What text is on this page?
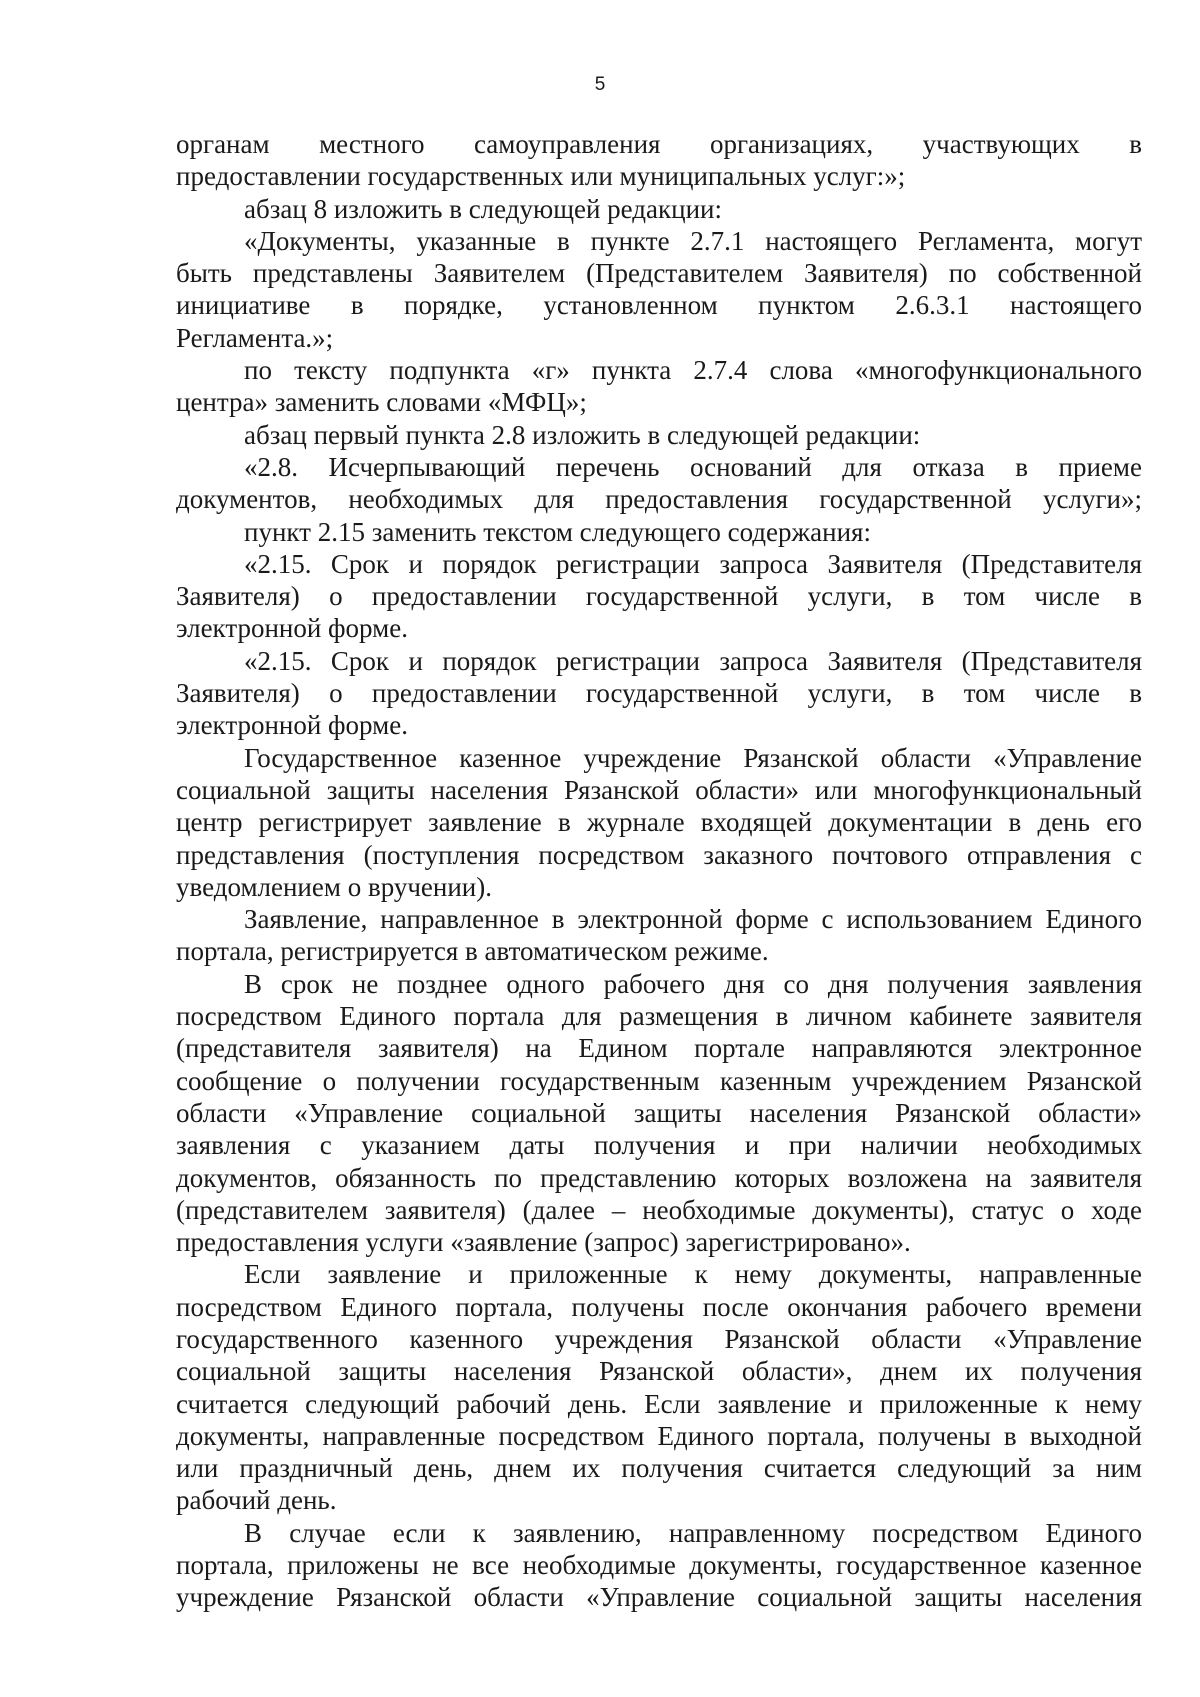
5
органам местного самоуправления организациях, участвующих в
предоставлении государственных или муниципальных услуг:»;
абзац 8 изложить в следующей редакции:
«Документы, указанные в пункте 2.7.1 настоящего Регламента, могут
быть представлены Заявителем (Представителем Заявителя) по собственной
инициативе в порядке, установленном пунктом 2.6.3.1 настоящего
Регламента.»;
по тексту подпункта «г» пункта 2.7.4 слова «многофункционального
центра» заменить словами «МФЦ»;
абзац первый пункта 2.8 изложить в следующей редакции:
«2.8. Исчерпывающий перечень оснований для отказа в приеме
документов, необходимых для предоставления государственной услуги»;
пункт 2.15 заменить текстом следующего содержания:
«2.15. Срок и порядок регистрации запроса Заявителя (Представителя
Заявителя) о предоставлении государственной услуги, в том числе в
электронной форме.
«2.15. Срок и порядок регистрации запроса Заявителя (Представителя
Заявителя) о предоставлении государственной услуги, в том числе в
электронной форме.
Государственное казенное учреждение Рязанской области «Управление
социальной защиты населения Рязанской области» или многофункциональный
центр регистрирует заявление в журнале входящей документации в день его
представления (поступления посредством заказного почтового отправления с
уведомлением о вручении).
Заявление, направленное в электронной форме с использованием Единого
портала, регистрируется в автоматическом режиме.
В срок не позднее одного рабочего дня со дня получения заявления
посредством Единого портала для размещения в личном кабинете заявителя
(представителя заявителя) на Едином портале направляются электронное
сообщение о получении государственным казенным учреждением Рязанской
области «Управление социальной защиты населения Рязанской области»
заявления с указанием даты получения и при наличии необходимых
документов, обязанность по представлению которых возложена на заявителя
(представителем заявителя) (далее – необходимые документы), статус о ходе
предоставления услуги «заявление (запрос) зарегистрировано».
Если заявление и приложенные к нему документы, направленные
посредством Единого портала, получены после окончания рабочего времени
государственного казенного учреждения Рязанской области «Управление
социальной защиты населения Рязанской области», днем их получения
считается следующий рабочий день. Если заявление и приложенные к нему
документы, направленные посредством Единого портала, получены в выходной
или праздничный день, днем их получения считается следующий за ним
рабочий день.
В случае если к заявлению, направленному посредством Единого
портала, приложены не все необходимые документы, государственное казенное
учреждение Рязанской области «Управление социальной защиты населения
